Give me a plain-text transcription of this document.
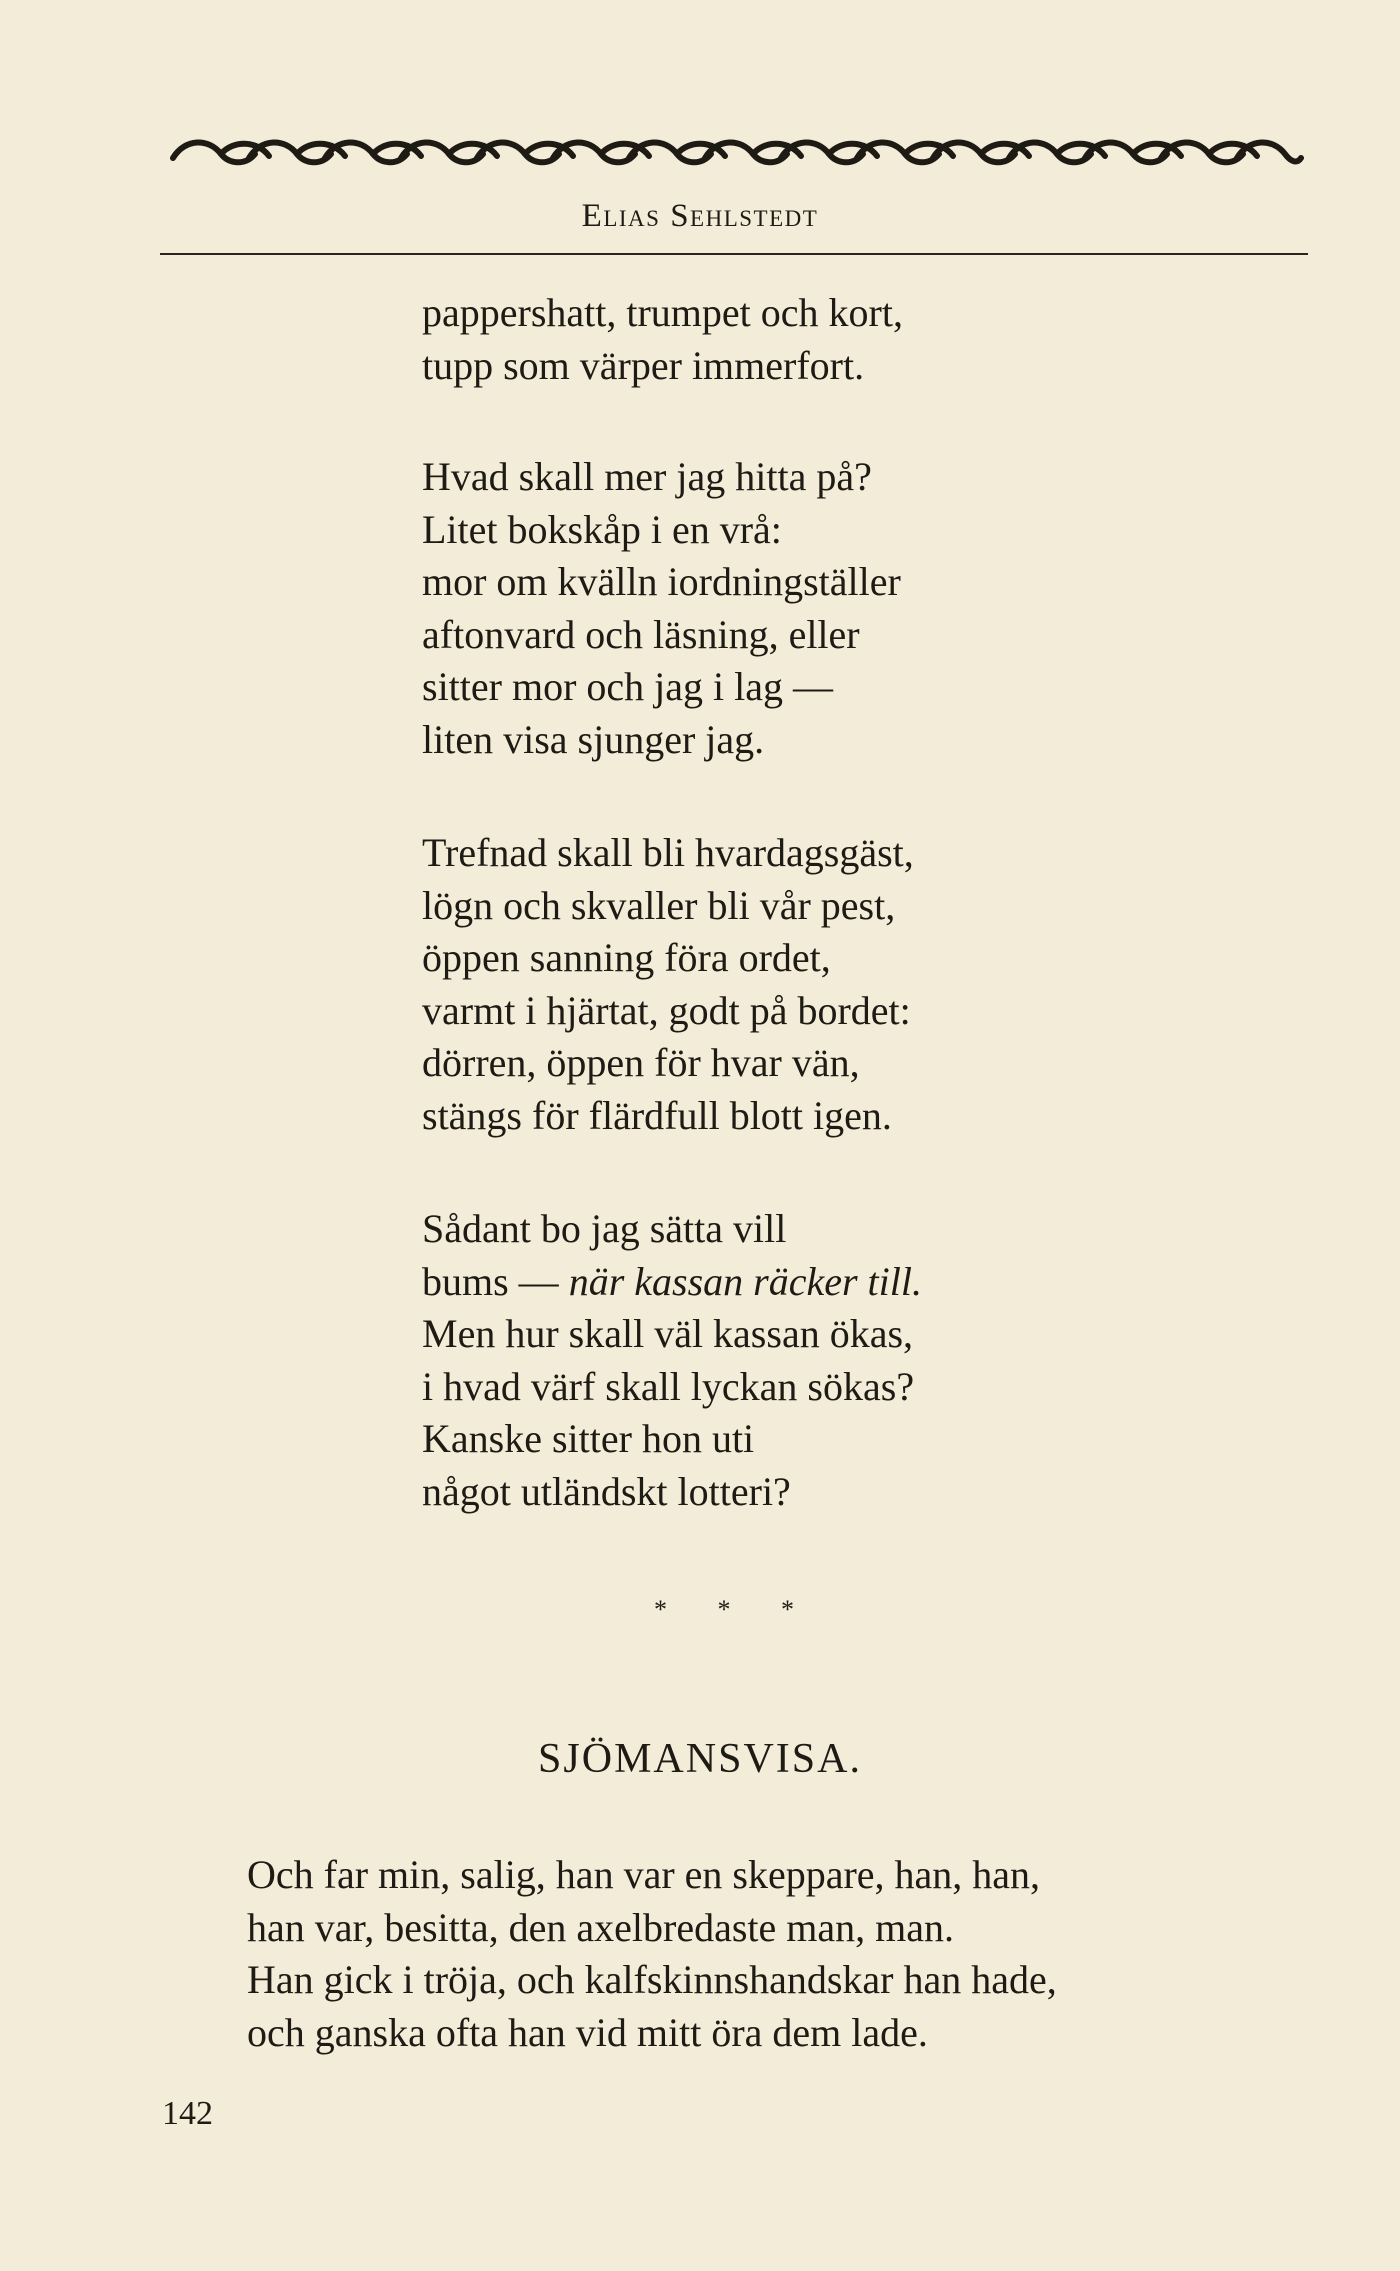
Elias Sehlstedt
pappershatt, trumpet och kort,
tupp som värper immerfort.
Hvad skall mer jag hitta på?
Litet bokskåp i en vrå:
mor om kvälln iordningställer
aftonvard och läsning, eller
sitter mor och jag i lag —
liten visa sjunger jag.
Trefnad skall bli hvardagsgäst,
lögn och skvaller bli vår pest,
öppen sanning föra ordet,
varmt i hjärtat, godt på bordet:
dörren, öppen för hvar vän,
stängs för flärdfull blott igen.
Sådant bo jag sätta vill
bums — när kassan räcker till.
Men hur skall väl kassan ökas,
i hvad värf skall lyckan sökas?
Kanske sitter hon uti
något utländskt lotteri?
* * *
SJÖMANSVISA.
Och far min, salig, han var en skeppare, han, han,
han var, besitta, den axelbredaste man, man.
Han gick i tröja, och kalfskinnshandskar han hade,
och ganska ofta han vid mitt öra dem lade.
142
